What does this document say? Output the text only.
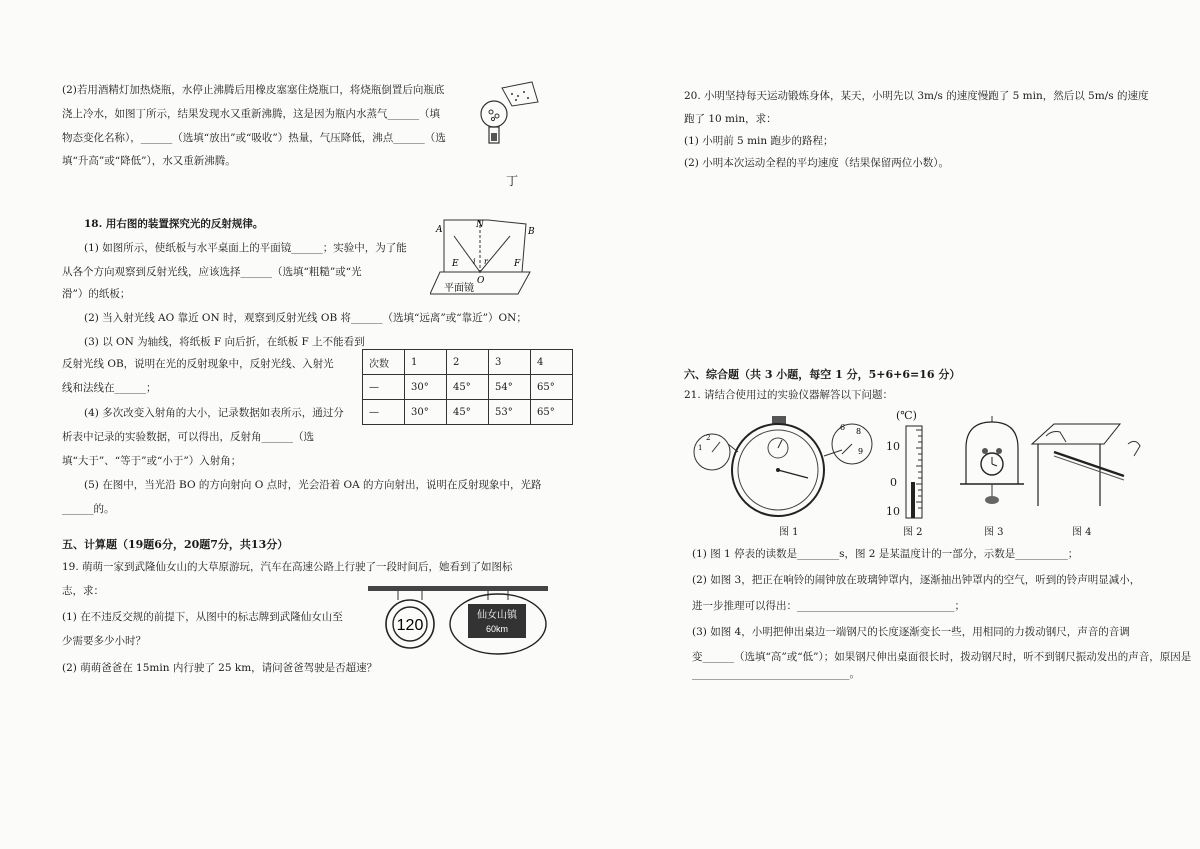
(2)若用酒精灯加热烧瓶，水停止沸腾后用橡皮塞塞住烧瓶口，将烧瓶倒置后向瓶底
浇上冷水，如图丁所示，结果发现水又重新沸腾，这是因为瓶内水蒸气______（填
物态变化名称），______（选填“放出”或“吸收”）热量，气压降低，沸点______（选
填“升高”或“降低”），水又重新沸腾。
丁
18. 用右图的装置探究光的反射规律。
(1) 如图所示，使纸板与水平桌面上的平面镜______；实验中，为了能
从各个方向观察到反射光线，应该选择______（选填“粗糙”或“光
滑”）的纸板；
(2) 当入射光线 AO 靠近 ON 时，观察到反射光线 OB 将______（选填“远离”或“靠近”）ON；
(3) 以 ON 为轴线，将纸板 F 向后折，在纸板 F 上不能看到
反射光线 OB，说明在光的反射现象中，反射光线、入射光
线和法线在______；
(4) 多次改变入射角的大小，记录数据如表所示，通过分
析表中记录的实验数据，可以得出，反射角______（选
填“大于”、“等于”或“小于”）入射角；
(5) 在图中，当光沿 BO 的方向射向 O 点时，光会沿着 OA 的方向射出，说明在反射现象中，光路
______的。
N
A	B
E	F
O
i r
平面镜
次数	1	2	3	4
—	30°	45°	54°	65°
—	30°	45°	53°	65°
五、计算题（19题6分，20题7分，共13分）
19. 萌萌一家到武隆仙女山的大草原游玩，汽车在高速公路上行驶了一段时间后，她看到了如图标
志，求：
(1) 在不违反交规的前提下，从图中的标志牌到武隆仙女山至
少需要多少小时？
(2) 萌萌爸爸在 15min 内行驶了 25 km，请问爸爸驾驶是否超速？
120
仙女山镇
60km
20. 小明坚持每天运动锻炼身体，某天，小明先以 3m/s 的速度慢跑了 5 min，然后以 5m/s 的速度
跑了 10 min，求：
(1) 小明前 5 min 跑步的路程；
(2) 小明本次运动全程的平均速度（结果保留两位小数）。
六、综合题（共 3 小题，每空 1 分，5+6+6=16 分）
21. 请结合使用过的实验仪器解答以下问题：
1
2
6 8
9
图 1
(℃)
10
0
10
图 2	图 3	图 4
(1) 图 1 停表的读数是________s，图 2 是某温度计的一部分，示数是__________；
(2) 如图 3，把正在响铃的闹钟放在玻璃钟罩内，逐渐抽出钟罩内的空气，听到的铃声明显减小，
进一步推理可以得出：______________________________；
(3) 如图 4，小明把伸出桌边一端钢尺的长度逐渐变长一些，用相同的力拨动钢尺，声音的音调
变______（选填“高”或“低”）；如果钢尺伸出桌面很长时，拨动钢尺时，听不到钢尺振动发出的声音，原因是
______________________________。
